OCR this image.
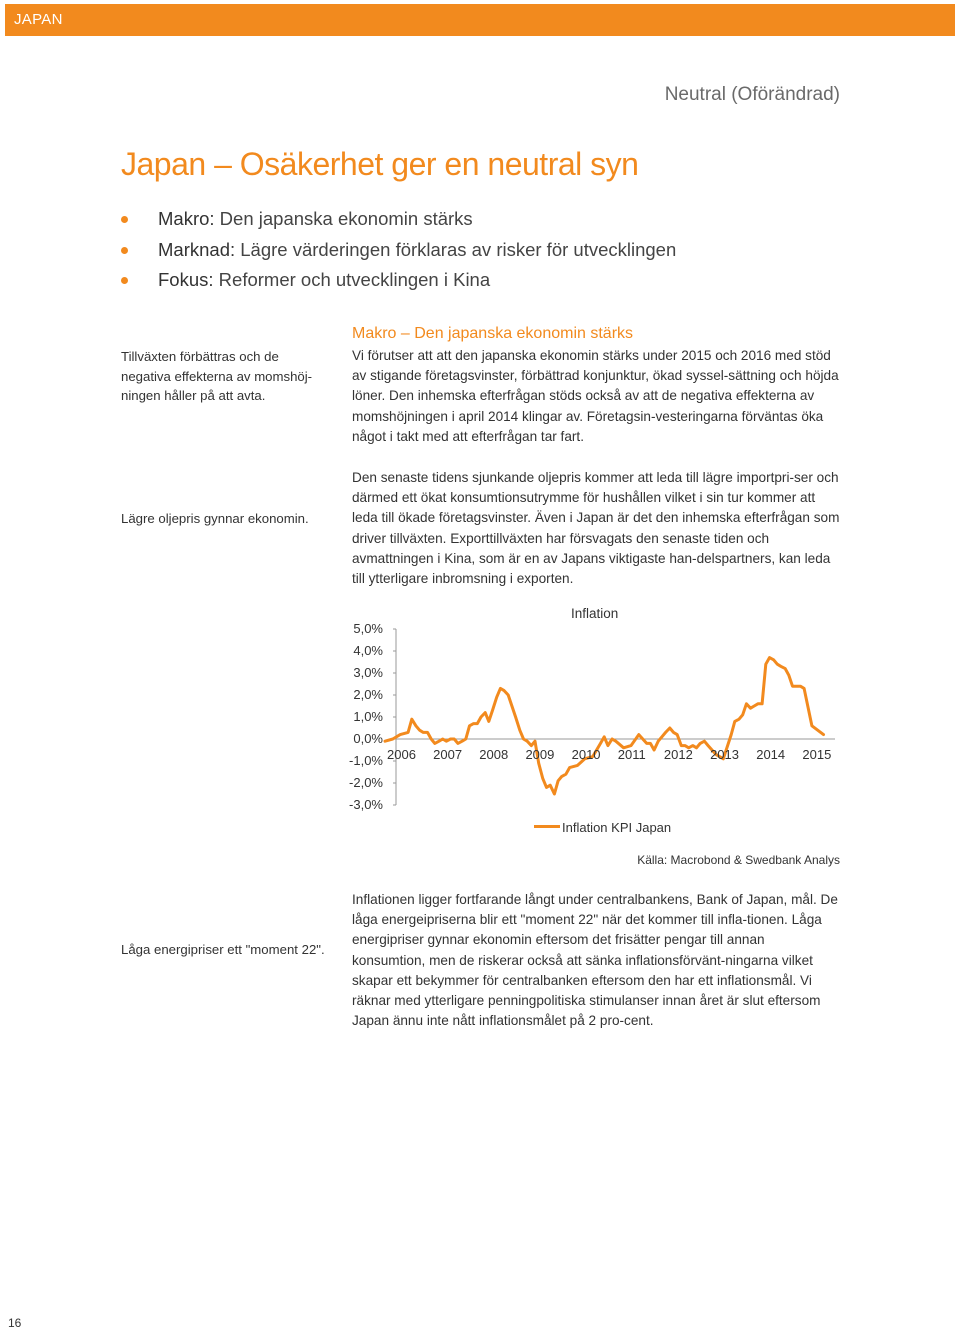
JAPAN
Neutral (Oförändrad)
Japan – Osäkerhet ger en neutral syn
Makro: Den japanska ekonomin stärks
Marknad: Lägre värderingen förklaras av risker för utvecklingen
Fokus: Reformer och utvecklingen i Kina
Tillväxten förbättras och de negativa effekterna av momshöj-ningen håller på att avta.
Lägre oljepris gynnar ekonomin.
Låga energipriser ett "moment 22".
Makro – Den japanska ekonomin stärks

Vi förutser att att den japanska ekonomin stärks under 2015 och 2016 med stöd av stigande företagsvinster, förbättrad konjunktur, ökad syssel-sättning och höjda löner. Den inhemska efterfrågan stöds också av att de negativa effekterna av momshöjningen i april 2014 klingar av. Företagsin-vesteringarna förväntas öka något i takt med att efterfrågan tar fart.

Den senaste tidens sjunkande oljepris kommer att leda till lägre importpri-ser och därmed ett ökat konsumtionsutrymme för hushållen vilket i sin tur kommer att leda till ökade företagsvinster. Även i Japan är det den inhemska efterfrågan som driver tillväxten. Exporttillväxten har försvagats den senaste tiden och avmattningen i Kina, som är en av Japans viktigaste han-delspartners, kan leda till ytterligare inbromsning i exporten.

Inflation
5,0%
4,0%
3,0%
2,0%
1,0%
0,0%
-1,0%
-2,0%
-3,0%
2006 2007 2008 2009 2010 2011 2012 2013 2014 2015
Inflation KPI Japan
Källa: Macrobond & Swedbank Analys

Inflationen ligger fortfarande långt under centralbankens, Bank of Japan, mål. De låga energeipriserna blir ett "moment 22" när det kommer till infla-tionen. Låga energipriser gynnar ekonomin eftersom det frisätter pengar till annan konsumtion, men de riskerar också att sänka inflationsförvänt-ningarna vilket skapar ett bekymmer för centralbanken eftersom den har ett inflationsmål. Vi räknar med ytterligare penningpolitiska stimulanser innan året är slut eftersom Japan ännu inte nått inflationsmålet på 2 pro-cent.

16
